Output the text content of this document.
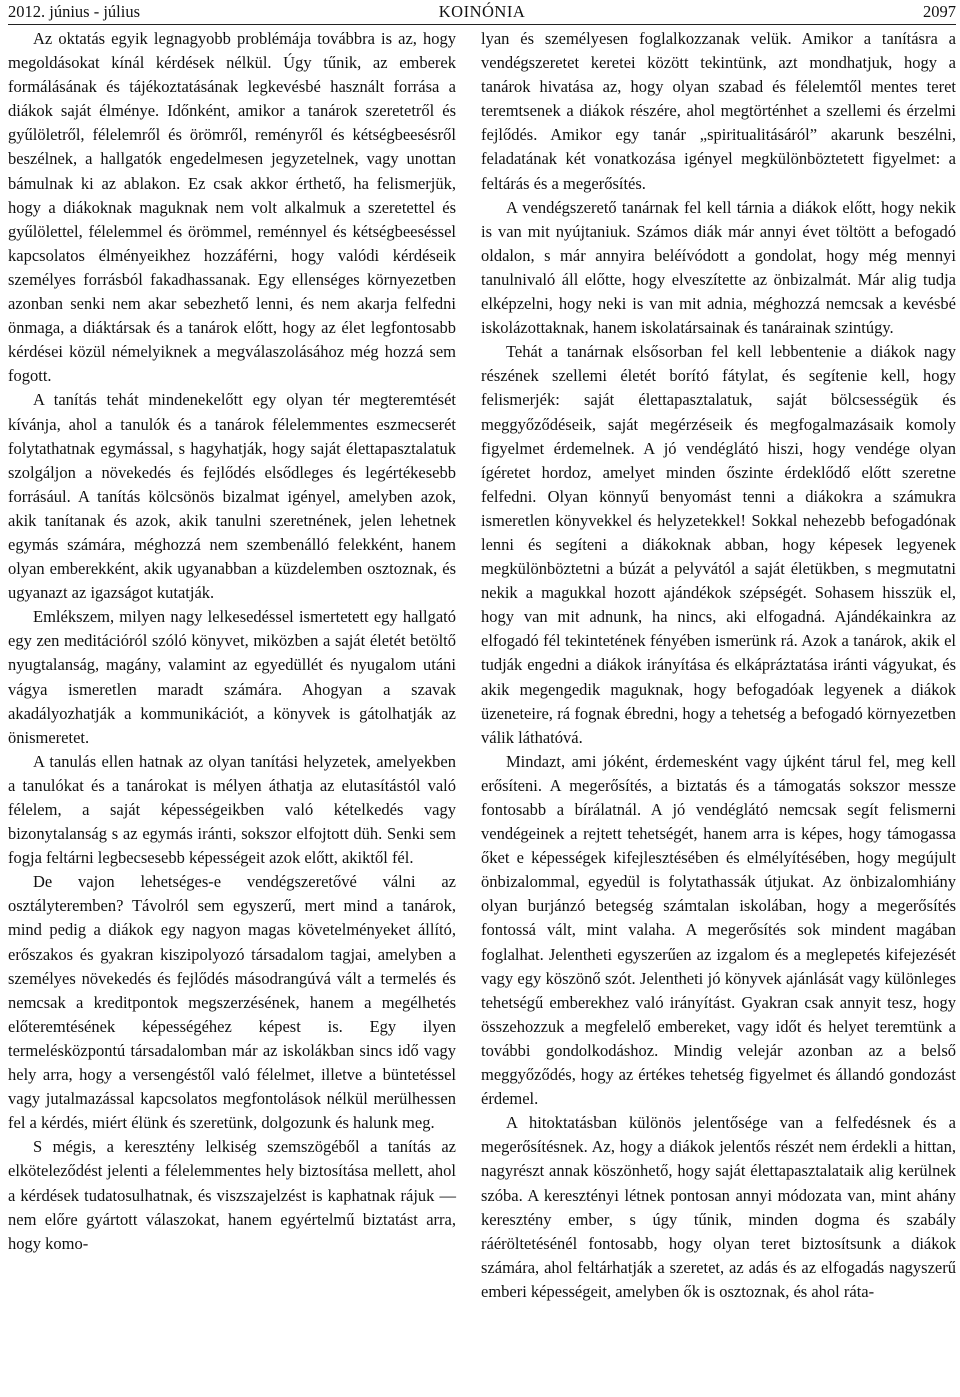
2012. június - július	KOINÓNIA	2097

Az oktatás egyik legnagyobb problémája továbbra is az, hogy megoldásokat kínál kérdések nélkül. Úgy tűnik, az emberek formálásának és tájékoztatásának legkevésbé használt forrása a diákok saját élménye. Időnként, amikor a tanárok szeretetről és gyűlöletről, félelemről és örömről, reményről és kétségbeesésről beszélnek, a hallgatók engedelmesen jegyzetelnek, vagy unottan bámulnak ki az ablakon. Ez csak akkor érthető, ha felismerjük, hogy a diákoknak maguknak nem volt alkalmuk a szeretettel és gyűlölettel, félelemmel és örömmel, reménnyel és kétségbeeséssel kapcsolatos élményeikhez hozzáférni, hogy valódi kérdéseik személyes forrásból fakadhassanak. Egy ellenséges környezetben azonban senki nem akar sebezhető lenni, és nem akarja felfedni önmaga, a diáktársak és a tanárok előtt, hogy az élet legfontosabb kérdései közül némelyiknek a megválaszolásához még hozzá sem fogott.

A tanítás tehát mindenekelőtt egy olyan tér megteremtését kívánja, ahol a tanulók és a tanárok félelemmentes eszmecserét folytathatnak egymással, s hagyhatják, hogy saját élettapasztalatuk szolgáljon a növekedés és fejlődés elsődleges és legértékesebb forrásául. A tanítás kölcsönös bizalmat igényel, amelyben azok, akik tanítanak és azok, akik tanulni szeretnének, jelen lehetnek egymás számára, méghozzá nem szembenálló felekként, hanem olyan emberekként, akik ugyanabban a küzdelemben osztoznak, és ugyanazt az igazságot kutatják.

Emlékszem, milyen nagy lelkesedéssel ismertetett egy hallgató egy zen meditációról szóló könyvet, miközben a saját életét betöltő nyugtalanság, magány, valamint az egyedüllét és nyugalom utáni vágya ismeretlen maradt számára. Ahogyan a szavak akadályozhatják a kommunikációt, a könyvek is gátolhatják az önismeretet.

A tanulás ellen hatnak az olyan tanítási helyzetek, amelyekben a tanulókat és a tanárokat is mélyen áthatja az elutasítástól való félelem, a saját képességeikben való kételkedés vagy bizonytalanság s az egymás iránti, sokszor elfojtott düh. Senki sem fogja feltárni legbecsesebb képességeit azok előtt, akiktől fél.

De vajon lehetséges-e vendégszeretővé válni az osztályteremben? Távolról sem egyszerű, mert mind a tanárok, mind pedig a diákok egy nagyon magas követelményeket állító, erőszakos és gyakran kiszipolyozó társadalom tagjai, amelyben a személyes növekedés és fejlődés másodrangúvá vált a termelés és nemcsak a kreditpontok megszerzésének, hanem a megélhetés előteremtésének képességéhez képest is. Egy ilyen termelésközpontú társadalomban már az iskolákban sincs idő vagy hely arra, hogy a versengéstől való félelmet, illetve a büntetéssel vagy jutalmazással kapcsolatos megfontolások nélkül merülhessen fel a kérdés, miért élünk és szeretünk, dolgozunk és halunk meg.

S mégis, a keresztény lelkiség szemszögéből a tanítás az elköteleződést jelenti a félelemmentes hely biztosítása mellett, ahol a kérdések tudatosulhatnak, és viszszajelzést is kaphatnak rájuk — nem előre gyártott válaszokat, hanem egyértelmű biztatást arra, hogy komo-

lyan és személyesen foglalkozzanak velük. Amikor a tanításra a vendégszeretet keretei között tekintünk, azt mondhatjuk, hogy a tanárok hivatása az, hogy olyan szabad és félelemtől mentes teret teremtsenek a diákok részére, ahol megtörténhet a szellemi és érzelmi fejlődés. Amikor egy tanár „spiritualitásáról” akarunk beszélni, feladatának két vonatkozása igényel megkülönböztetett figyelmet: a feltárás és a megerősítés.

A vendégszerető tanárnak fel kell tárnia a diákok előtt, hogy nekik is van mit nyújtaniuk. Számos diák már annyi évet töltött a befogadó oldalon, s már annyira beléívódott a gondolat, hogy még mennyi tanulnivaló áll előtte, hogy elveszítette az önbizalmát. Már alig tudja elképzelni, hogy neki is van mit adnia, méghozzá nemcsak a kevésbé iskolázottaknak, hanem iskolatársainak és tanárainak szintúgy.

Tehát a tanárnak elsősorban fel kell lebbentenie a diákok nagy részének szellemi életét borító fátylat, és segítenie kell, hogy felismerjék: saját élettapasztalatuk, saját bölcsességük és meggyőződéseik, saját megérzéseik és megfogalmazásaik komoly figyelmet érdemelnek. A jó vendéglátó hiszi, hogy vendége olyan ígéretet hordoz, amelyet minden őszinte érdeklődő előtt szeretne felfedni. Olyan könnyű benyomást tenni a diákokra a számukra ismeretlen könyvekkel és helyzetekkel! Sokkal nehezebb befogadónak lenni és segíteni a diákoknak abban, hogy képesek legyenek megkülönböztetni a búzát a pelyvától a saját életükben, s megmutatni nekik a magukkal hozott ajándékok szépségét. Sohasem hisszük el, hogy van mit adnunk, ha nincs, aki elfogadná. Ajándékainkra az elfogadó fél tekintetének fényében ismerünk rá. Azok a tanárok, akik el tudják engedni a diákok irányítása és elkápráztatása iránti vágyukat, és akik megengedik maguknak, hogy befogadóak legyenek a diákok üzeneteire, rá fognak ébredni, hogy a tehetség a befogadó környezetben válik láthatóvá.

Mindazt, ami jóként, érdemesként vagy újként tárul fel, meg kell erősíteni. A megerősítés, a biztatás és a támogatás sokszor messze fontosabb a bírálatnál. A jó vendéglátó nemcsak segít felismerni vendégeinek a rejtett tehetségét, hanem arra is képes, hogy támogassa őket e képességek kifejlesztésében és elmélyítésében, hogy megújult önbizalommal, egyedül is folytathassák útjukat. Az önbizalomhiány olyan burjánzó betegség számtalan iskolában, hogy a megerősítés fontossá vált, mint valaha. A megerősítés sok mindent magában foglalhat. Jelentheti egyszerűen az izgalom és a meglepetés kifejezését vagy egy köszönő szót. Jelentheti jó könyvek ajánlását vagy különleges tehetségű emberekhez való irányítást. Gyakran csak annyit tesz, hogy összehozzuk a megfelelő embereket, vagy időt és helyet teremtünk a további gondolkodáshoz. Mindig velejár azonban az a belső meggyőződés, hogy az értékes tehetség figyelmet és állandó gondozást érdemel.

A hitoktatásban különös jelentősége van a felfedésnek és a megerősítésnek. Az, hogy a diákok jelentős részét nem érdekli a hittan, nagyrészt annak köszönhető, hogy saját élettapasztalataik alig kerülnek szóba. A keresztényi létnek pontosan annyi módozata van, mint ahány keresztény ember, s úgy tűnik, minden dogma és szabály ráéröltetésénél fontosabb, hogy olyan teret biztosítsunk a diákok számára, ahol feltárhatják a szeretet, az adás és az elfogadás nagyszerű emberi képességeit, amelyben ők is osztoznak, és ahol ráta-
